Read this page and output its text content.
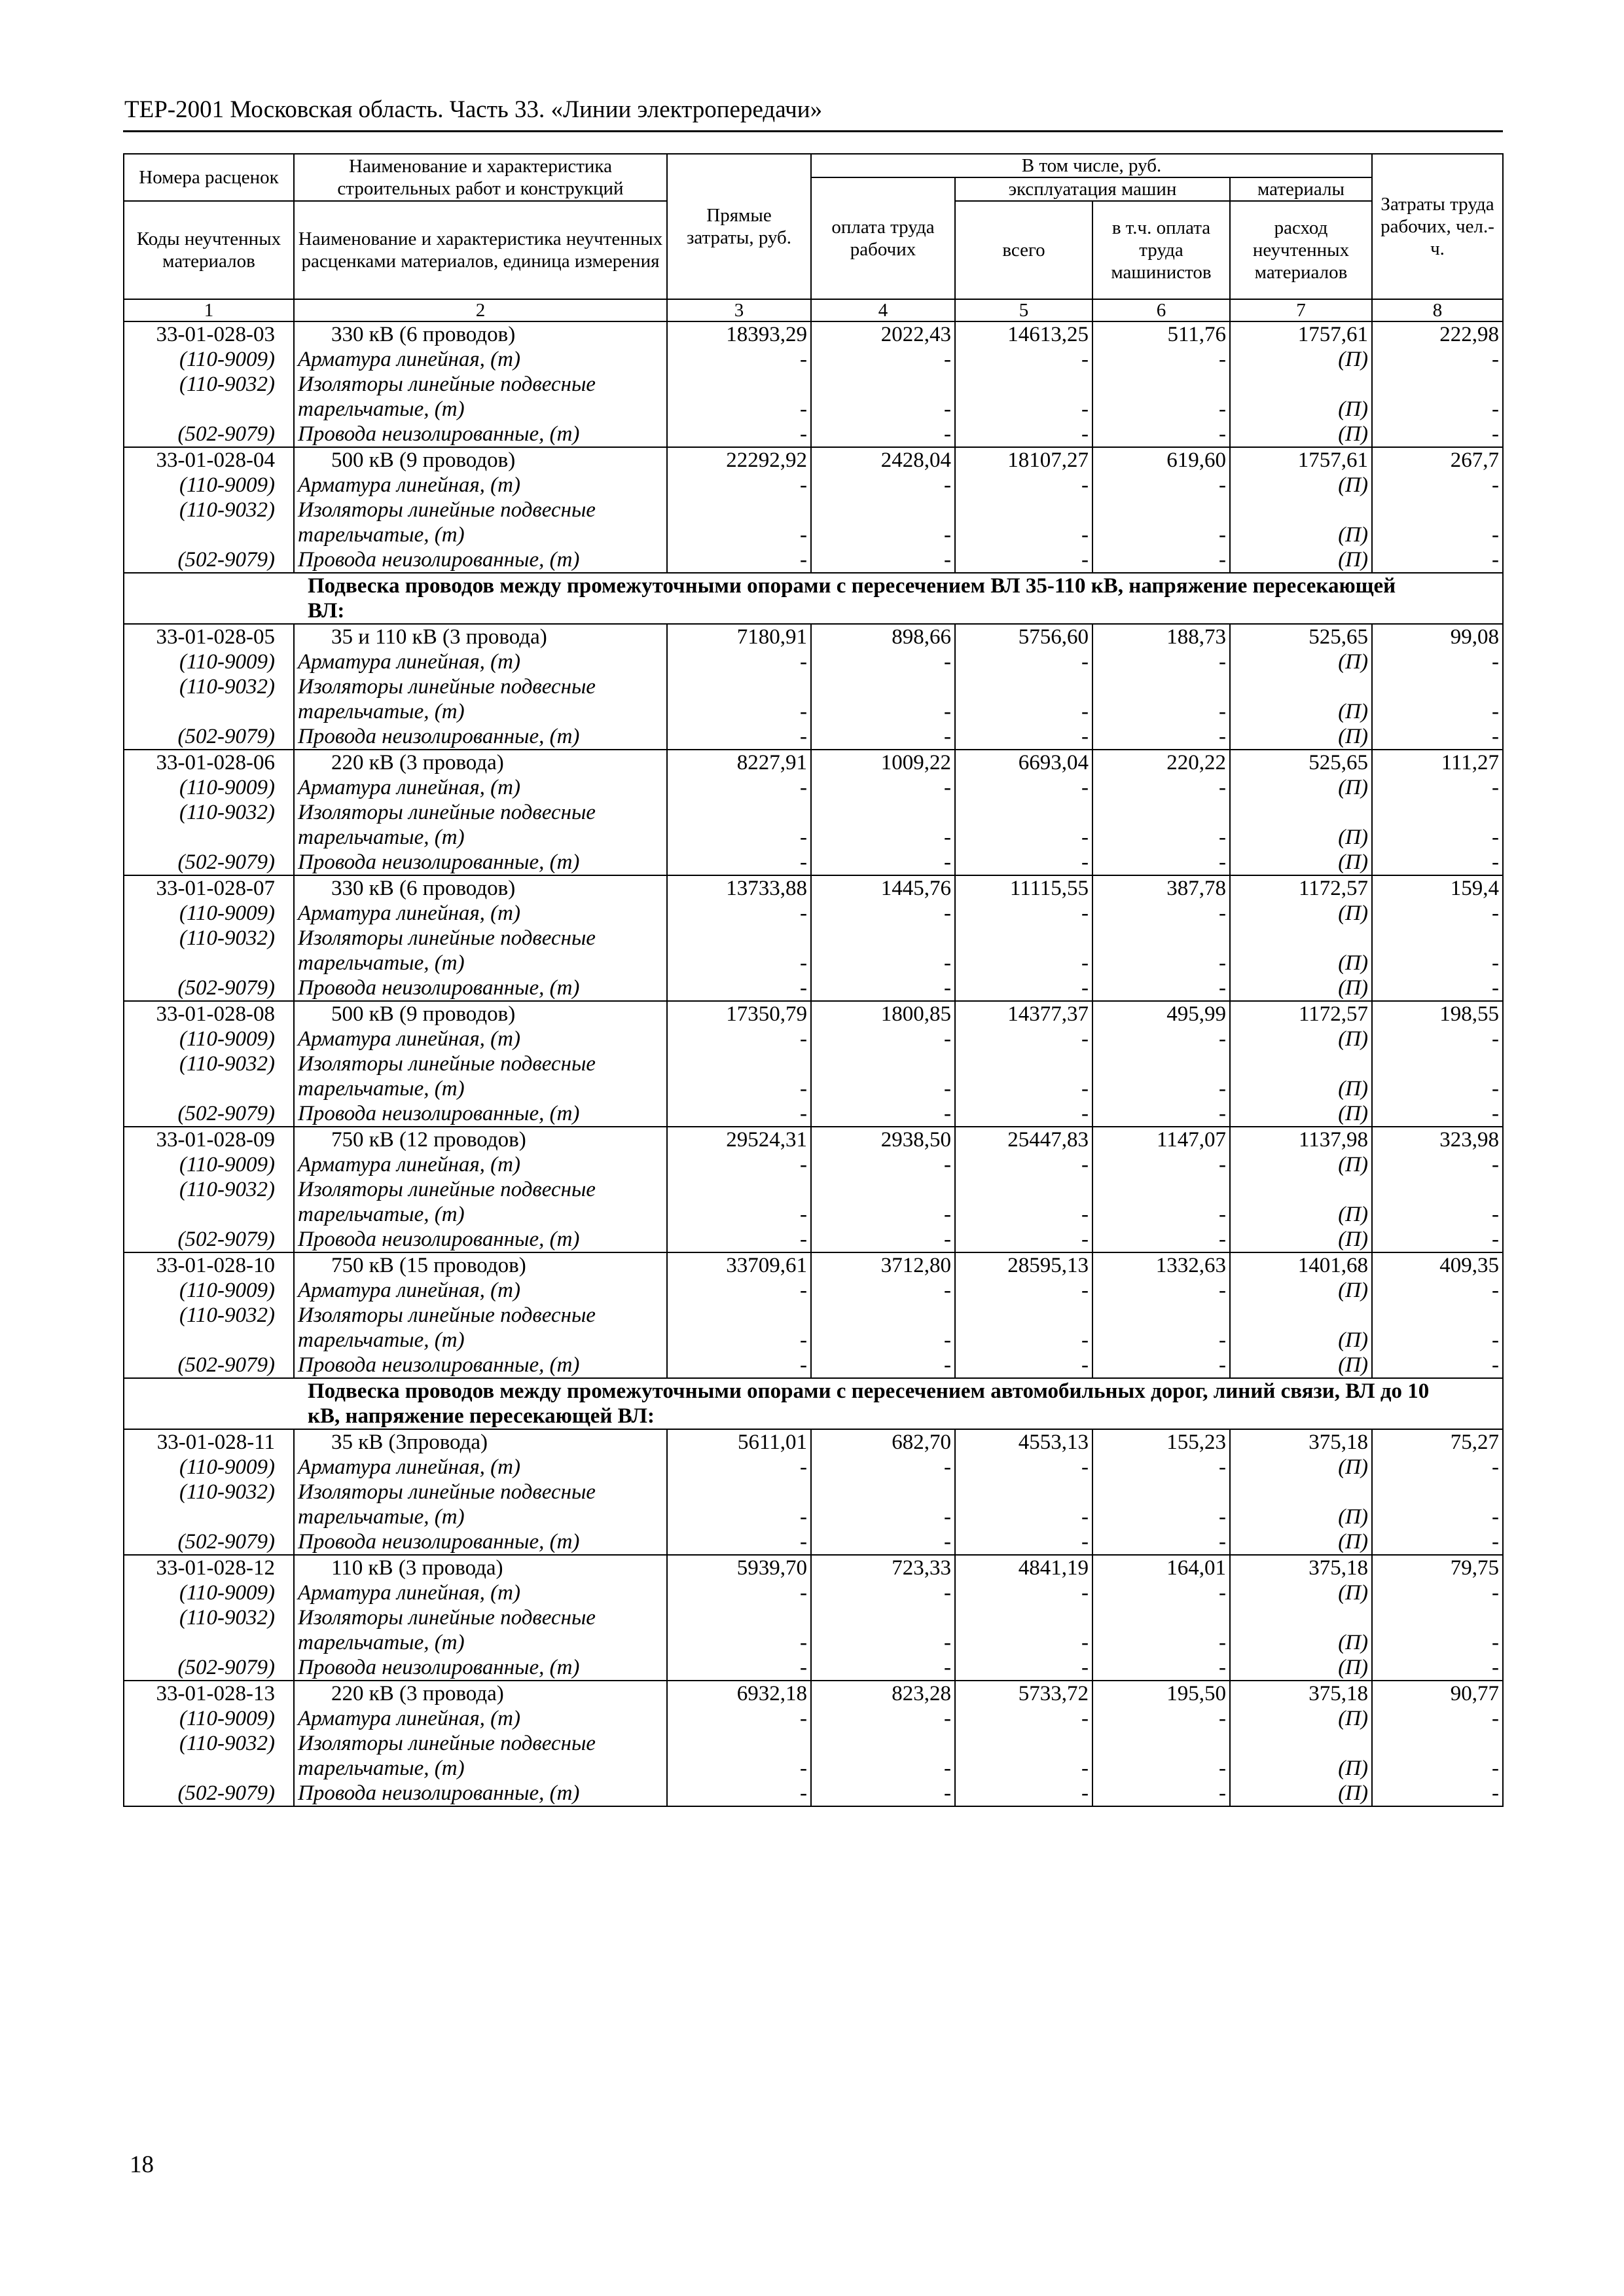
ТЕР-2001 Московская область. Часть 33. «Линии электропередачи»
Номера расценок	Наименование и характеристика строительных работ и конструкций	Прямые затраты, руб.	В том числе, руб.				Затраты труда рабочих, чел.-ч.
			оплата труда рабочих	эксплуатация машин		материалы	
Коды неучтенных материалов	Наименование и характеристика неучтенных расценками материалов, единица измерения			всего	в т.ч. оплата труда машинистов	расход неучтенных материалов	

1	2	3	4	5	6	7	8
33-01-028-03	330 кВ (6 проводов)	18393,29	2022,43	14613,25	511,76	1757,61	222,98
(110-9009)	Арматура линейная, (т)	-	-	-	-	(П)	-
(110-9032)	Изоляторы линейные подвесные						
	тарельчатые, (т)	-	-	-	-	(П)	-
(502-9079)	Провода неизолированные, (т)	-	-	-	-	(П)	-
33-01-028-04	500 кВ (9 проводов)	22292,92	2428,04	18107,27	619,60	1757,61	267,7
(110-9009)	Арматура линейная, (т)	-	-	-	-	(П)	-
(110-9032)	Изоляторы линейные подвесные						
	тарельчатые, (т)	-	-	-	-	(П)	-
(502-9079)	Провода неизолированные, (т)	-	-	-	-	(П)	-
Подвеска проводов между промежуточными опорами с пересечением ВЛ 35-110 кВ, напряжение пересекающей ВЛ:							
33-01-028-05	35 и 110 кВ (3 провода)	7180,91	898,66	5756,60	188,73	525,65	99,08
(110-9009)	Арматура линейная, (т)	-	-	-	-	(П)	-
(110-9032)	Изоляторы линейные подвесные						
	тарельчатые, (т)	-	-	-	-	(П)	-
(502-9079)	Провода неизолированные, (т)	-	-	-	-	(П)	-
33-01-028-06	220 кВ (3 провода)	8227,91	1009,22	6693,04	220,22	525,65	111,27
(110-9009)	Арматура линейная, (т)	-	-	-	-	(П)	-
(110-9032)	Изоляторы линейные подвесные						
	тарельчатые, (т)	-	-	-	-	(П)	-
(502-9079)	Провода неизолированные, (т)	-	-	-	-	(П)	-
33-01-028-07	330 кВ (6 проводов)	13733,88	1445,76	11115,55	387,78	1172,57	159,4
(110-9009)	Арматура линейная, (т)	-	-	-	-	(П)	-
(110-9032)	Изоляторы линейные подвесные						
	тарельчатые, (т)	-	-	-	-	(П)	-
(502-9079)	Провода неизолированные, (т)	-	-	-	-	(П)	-
33-01-028-08	500 кВ (9 проводов)	17350,79	1800,85	14377,37	495,99	1172,57	198,55
(110-9009)	Арматура линейная, (т)	-	-	-	-	(П)	-
(110-9032)	Изоляторы линейные подвесные						
	тарельчатые, (т)	-	-	-	-	(П)	-
(502-9079)	Провода неизолированные, (т)	-	-	-	-	(П)	-
33-01-028-09	750 кВ (12 проводов)	29524,31	2938,50	25447,83	1147,07	1137,98	323,98
(110-9009)	Арматура линейная, (т)	-	-	-	-	(П)	-
(110-9032)	Изоляторы линейные подвесные						
	тарельчатые, (т)	-	-	-	-	(П)	-
(502-9079)	Провода неизолированные, (т)	-	-	-	-	(П)	-
33-01-028-10	750 кВ (15 проводов)	33709,61	3712,80	28595,13	1332,63	1401,68	409,35
(110-9009)	Арматура линейная, (т)	-	-	-	-	(П)	-
(110-9032)	Изоляторы линейные подвесные						
	тарельчатые, (т)	-	-	-	-	(П)	-
(502-9079)	Провода неизолированные, (т)	-	-	-	-	(П)	-
Подвеска проводов между промежуточными опорами с пересечением автомобильных дорог, линий связи, ВЛ до 10 кВ, напряжение пересекающей ВЛ:							
33-01-028-11	35 кВ (3провода)	5611,01	682,70	4553,13	155,23	375,18	75,27
(110-9009)	Арматура линейная, (т)	-	-	-	-	(П)	-
(110-9032)	Изоляторы линейные подвесные						
	тарельчатые, (т)	-	-	-	-	(П)	-
(502-9079)	Провода неизолированные, (т)	-	-	-	-	(П)	-
33-01-028-12	110 кВ (3 провода)	5939,70	723,33	4841,19	164,01	375,18	79,75
(110-9009)	Арматура линейная, (т)	-	-	-	-	(П)	-
(110-9032)	Изоляторы линейные подвесные						
	тарельчатые, (т)	-	-	-	-	(П)	-
(502-9079)	Провода неизолированные, (т)	-	-	-	-	(П)	-
33-01-028-13	220 кВ (3 провода)	6932,18	823,28	5733,72	195,50	375,18	90,77
(110-9009)	Арматура линейная, (т)	-	-	-	-	(П)	-
(110-9032)	Изоляторы линейные подвесные						
	тарельчатые, (т)	-	-	-	-	(П)	-
(502-9079)	Провода неизолированные, (т)	-	-	-	-	(П)	-
18
